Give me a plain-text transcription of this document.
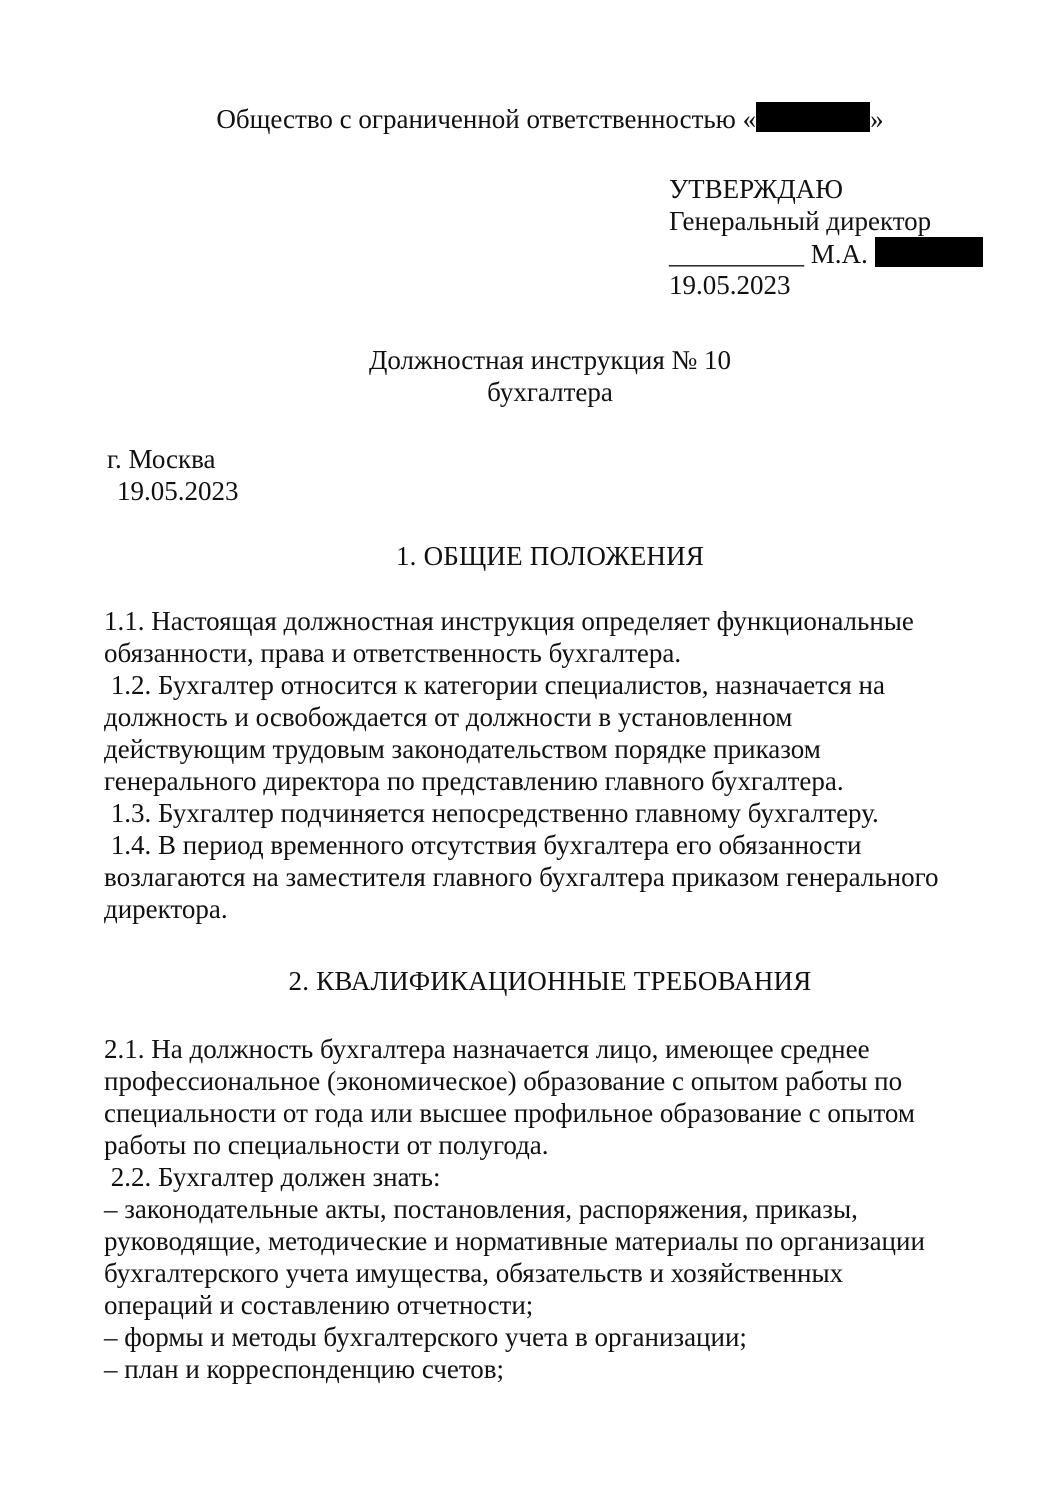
Общество с ограниченной ответственностью «	»
УТВЕРЖДАЮ
Генеральный директор
__________ М.А.
19.05.2023
Должностная инструкция № 10
бухгалтера
г. Москва
19.05.2023
1. ОБЩИЕ ПОЛОЖЕНИЯ
1.1. Настоящая должностная инструкция определяет функциональные
обязанности, права и ответственность бухгалтера.
1.2. Бухгалтер относится к категории специалистов, назначается на
должность и освобождается от должности в установленном
действующим трудовым законодательством порядке приказом
генерального директора по представлению главного бухгалтера.
1.3. Бухгалтер подчиняется непосредственно главному бухгалтеру.
1.4. В период временного отсутствия бухгалтера его обязанности
возлагаются на заместителя главного бухгалтера приказом генерального
директора.
2. КВАЛИФИКАЦИОННЫЕ ТРЕБОВАНИЯ
2.1. На должность бухгалтера назначается лицо, имеющее среднее
профессиональное (экономическое) образование с опытом работы по
специальности от года или высшее профильное образование с опытом
работы по специальности от полугода.
2.2. Бухгалтер должен знать:
– законодательные акты, постановления, распоряжения, приказы,
руководящие, методические и нормативные материалы по организации
бухгалтерского учета имущества, обязательств и хозяйственных
операций и составлению отчетности;
– формы и методы бухгалтерского учета в организации;
– план и корреспонденцию счетов;
